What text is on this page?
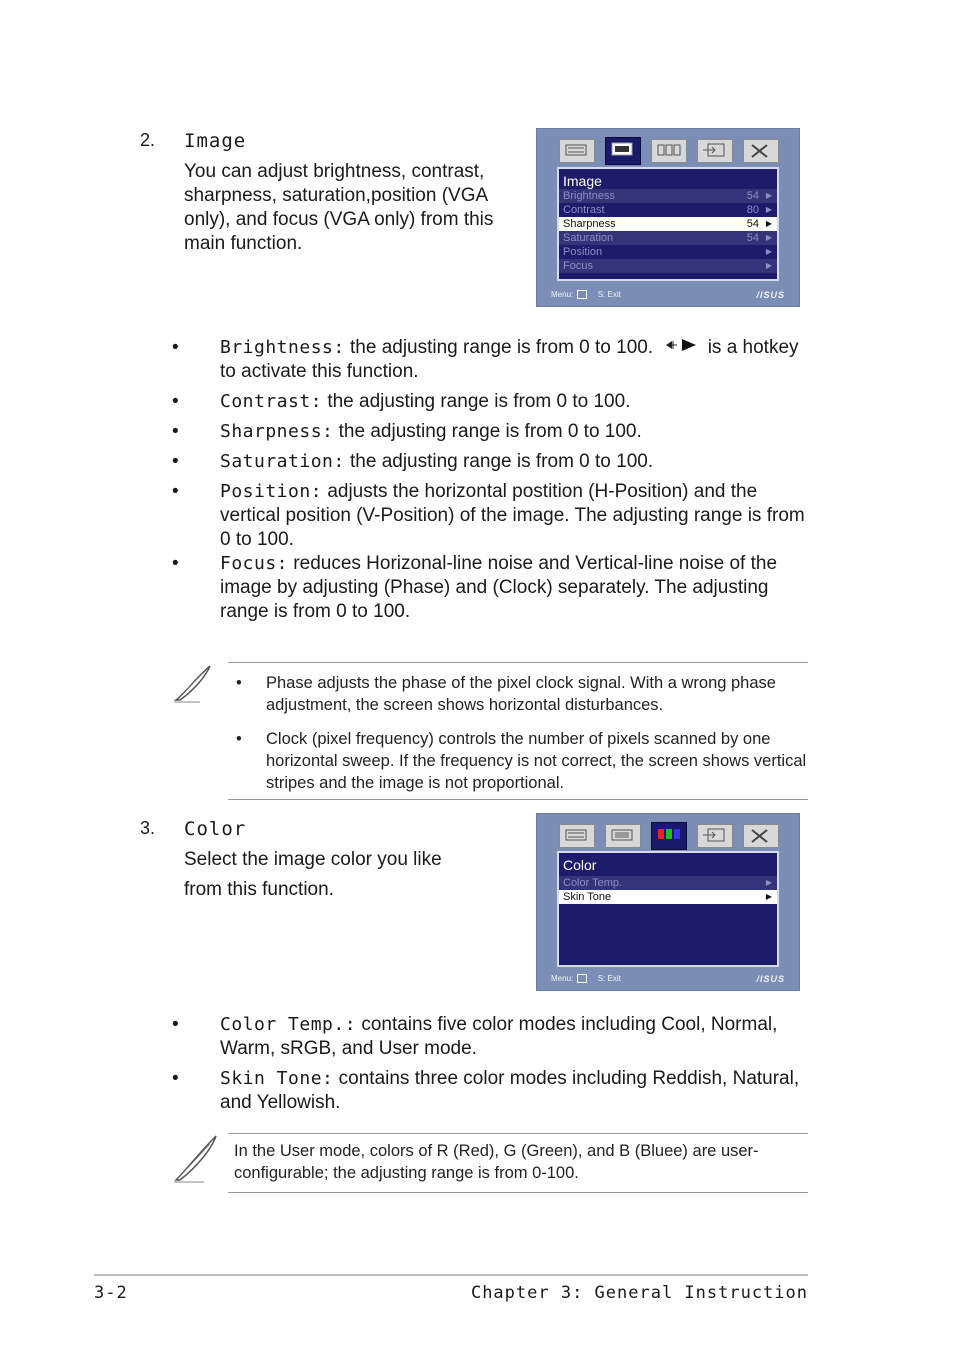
2. Image
You can adjust brightness, contrast, sharpness, saturation,position (VGA only), and focus (VGA only) from this main function.
Image
Brightness	54 ▶
Contrast	80 ▶
Sharpness	54 ▶
Saturation	54 ▶
Position	▶
Focus	▶
Menu:	S: Exit	/ISUS
• Brightness: the adjusting range is from 0 to 100.	is a hotkey to activate this function.
• Contrast: the adjusting range is from 0 to 100.
• Sharpness: the adjusting range is from 0 to 100.
• Saturation: the adjusting range is from 0 to 100.
• Position: adjusts the horizontal postition (H-Position) and the vertical position (V-Position) of the image. The adjusting range is from 0 to 100.
• Focus: reduces Horizonal-line noise and Vertical-line noise of the image by adjusting (Phase) and (Clock) separately. The adjusting range is from 0 to 100.
• Phase adjusts the phase of the pixel clock signal. With a wrong phase adjustment, the screen shows horizontal disturbances.
• Clock (pixel frequency) controls the number of pixels scanned by one horizontal sweep. If the frequency is not correct, the screen shows vertical stripes and the image is not proportional.
3. Color
Select the image color you like
from this function.
Color
Color Temp.	▶
Skin Tone	▶
Menu:	S: Exit	/ISUS
• Color Temp.: contains five color modes including Cool, Normal, Warm, sRGB, and User mode.
• Skin Tone: contains three color modes including Reddish, Natural, and Yellowish.
In the User mode, colors of R (Red), G (Green), and B (Bluee) are user-configurable; the adjusting range is from 0-100.
3-2	Chapter 3: General Instruction
